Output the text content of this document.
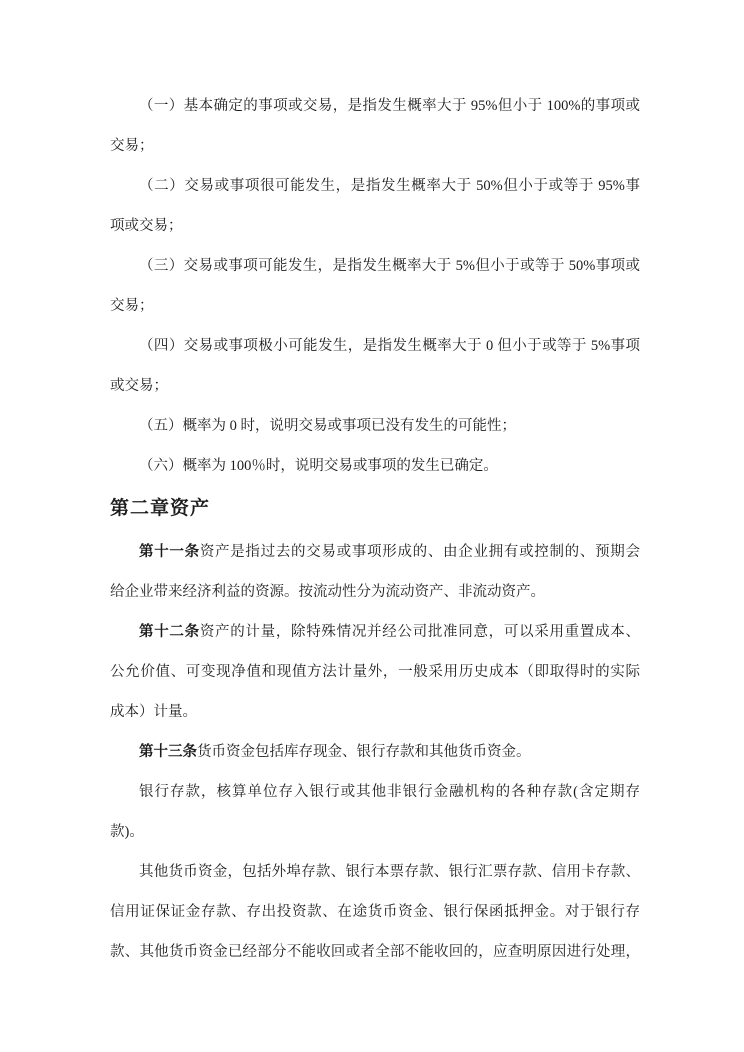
（一）基本确定的事项或交易，是指发生概率大于 95%但小于 100%的事项或
交易；
（二）交易或事项很可能发生，是指发生概率大于 50%但小于或等于 95%事
项或交易；
（三）交易或事项可能发生，是指发生概率大于 5%但小于或等于 50%事项或
交易；
（四）交易或事项极小可能发生，是指发生概率大于 0 但小于或等于 5%事项
或交易；
（五）概率为 0 时，说明交易或事项已没有发生的可能性；
（六）概率为 100％时，说明交易或事项的发生已确定。
第二章资产
第十一条资产是指过去的交易或事项形成的、由企业拥有或控制的、预期会
给企业带来经济利益的资源。按流动性分为流动资产、非流动资产。
第十二条资产的计量，除特殊情况并经公司批准同意，可以采用重置成本、
公允价值、可变现净值和现值方法计量外，一般采用历史成本（即取得时的实际
成本）计量。
第十三条货币资金包括库存现金、银行存款和其他货币资金。
银行存款，核算单位存入银行或其他非银行金融机构的各种存款(含定期存
款)。
其他货币资金，包括外埠存款、银行本票存款、银行汇票存款、信用卡存款、
信用证保证金存款、存出投资款、在途货币资金、银行保函抵押金。对于银行存
款、其他货币资金已经部分不能收回或者全部不能收回的，应查明原因进行处理，
